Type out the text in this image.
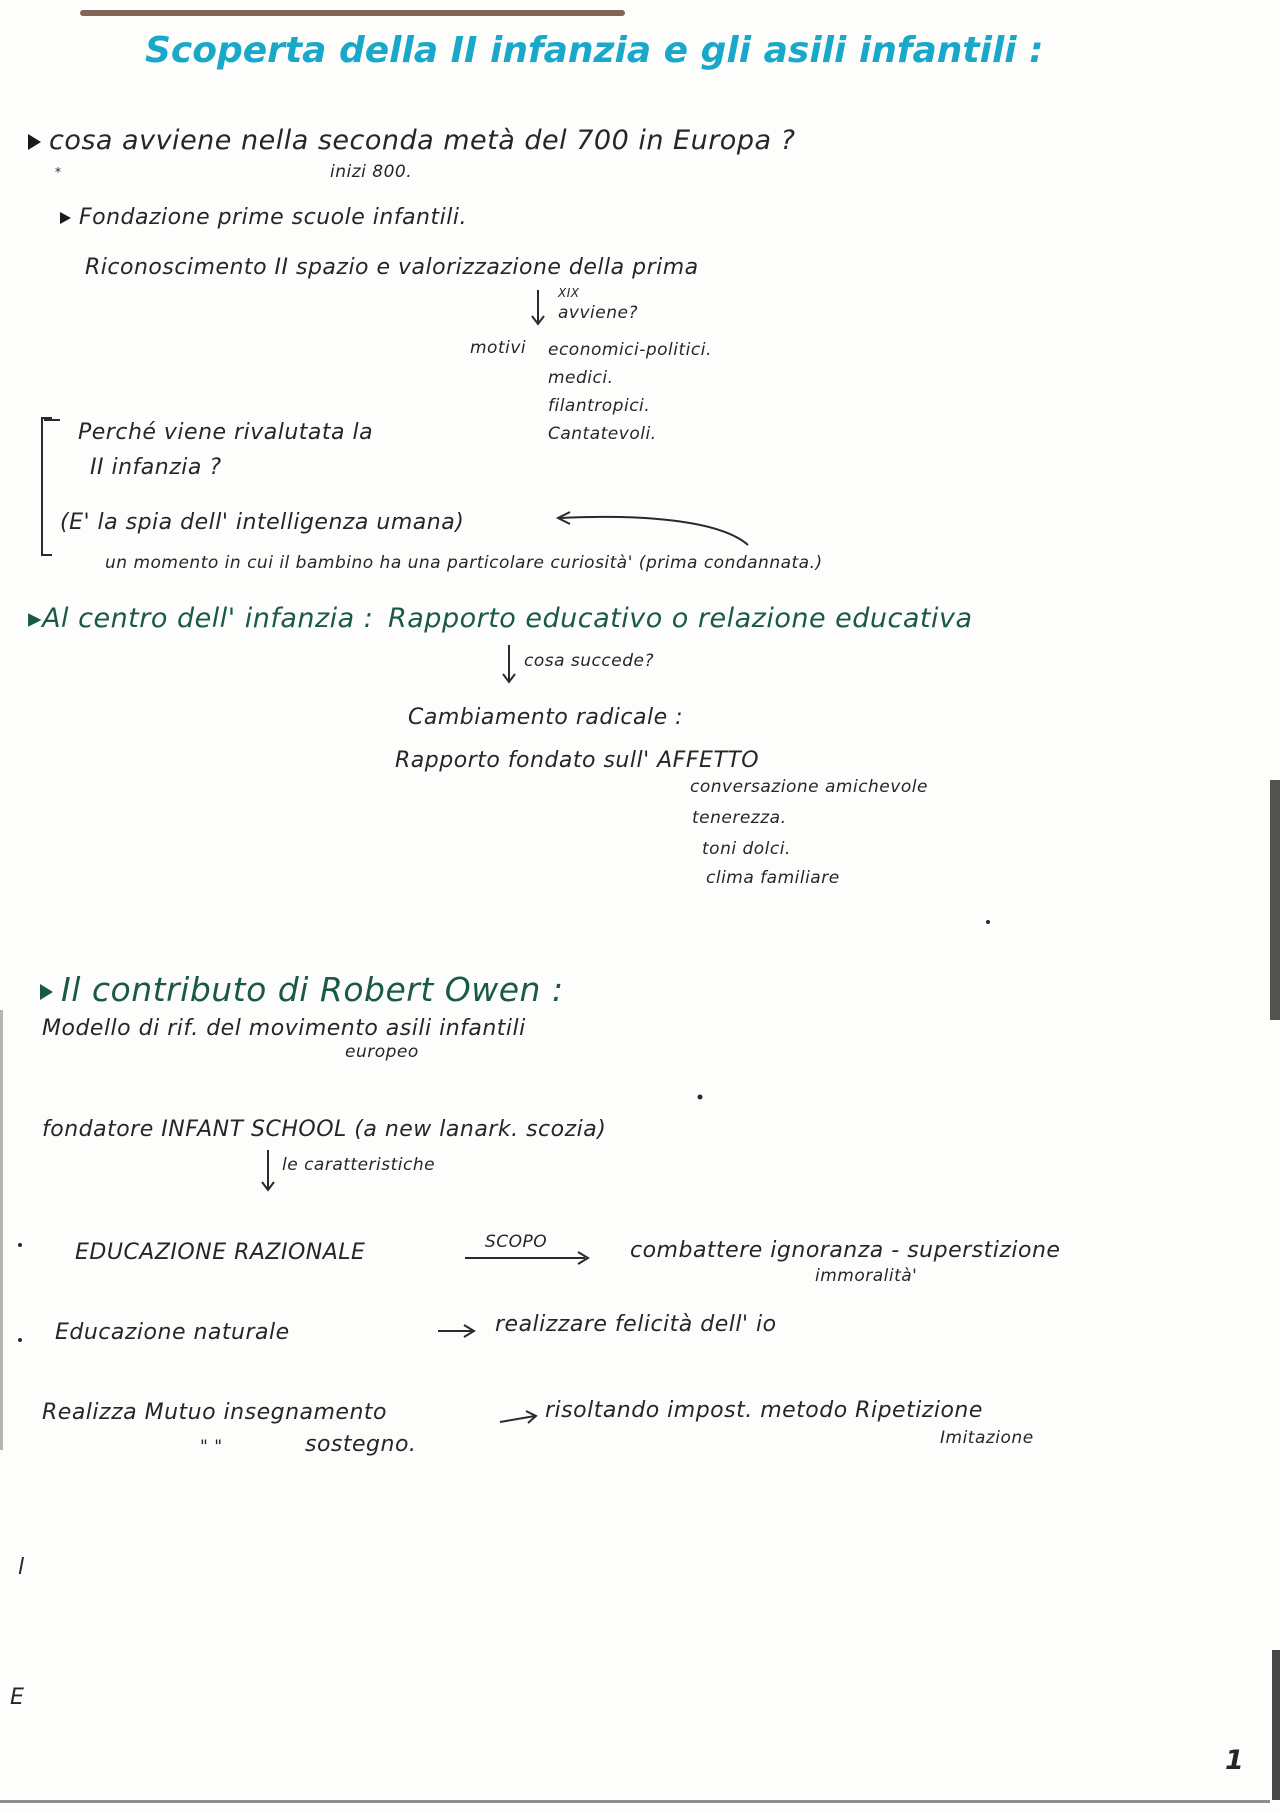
Scoperta della II infanzia e gli asili infantili :
cosa avviene nella seconda metà del 700 in Europa ?
*	inizi 800.
Fondazione prime scuole infantili.
Riconoscimento II spazio e valorizzazione della prima
XIX
avviene?
motivi economici-politici.
medici.
filantropici.
Cantatevoli.
Perché viene rivalutata la
II infanzia ?
(E' la spia dell' intelligenza umana)
un momento in cui il bambino ha una particolare curiosità' (prima condannata.)
▸Al centro dell' infanzia : Rapporto educativo o relazione educativa
cosa succede?
Cambiamento radicale :
Rapporto fondato sull' AFFETTO
conversazione amichevole
tenerezza.
toni dolci.
clima familiare
Il contributo di Robert Owen :
Modello di rif. del movimento asili infantili
europeo
fondatore INFANT SCHOOL (a new lanark. scozia)
le caratteristiche
EDUCAZIONE RAZIONALE	SCOPO	combattere ignoranza - superstizione
immoralità'
Educazione naturale	realizzare felicità dell' io
Realizza Mutuo insegnamento
" "	sostegno.
risoltando impost. metodo Ripetizione
Imitazione
l
E
1
